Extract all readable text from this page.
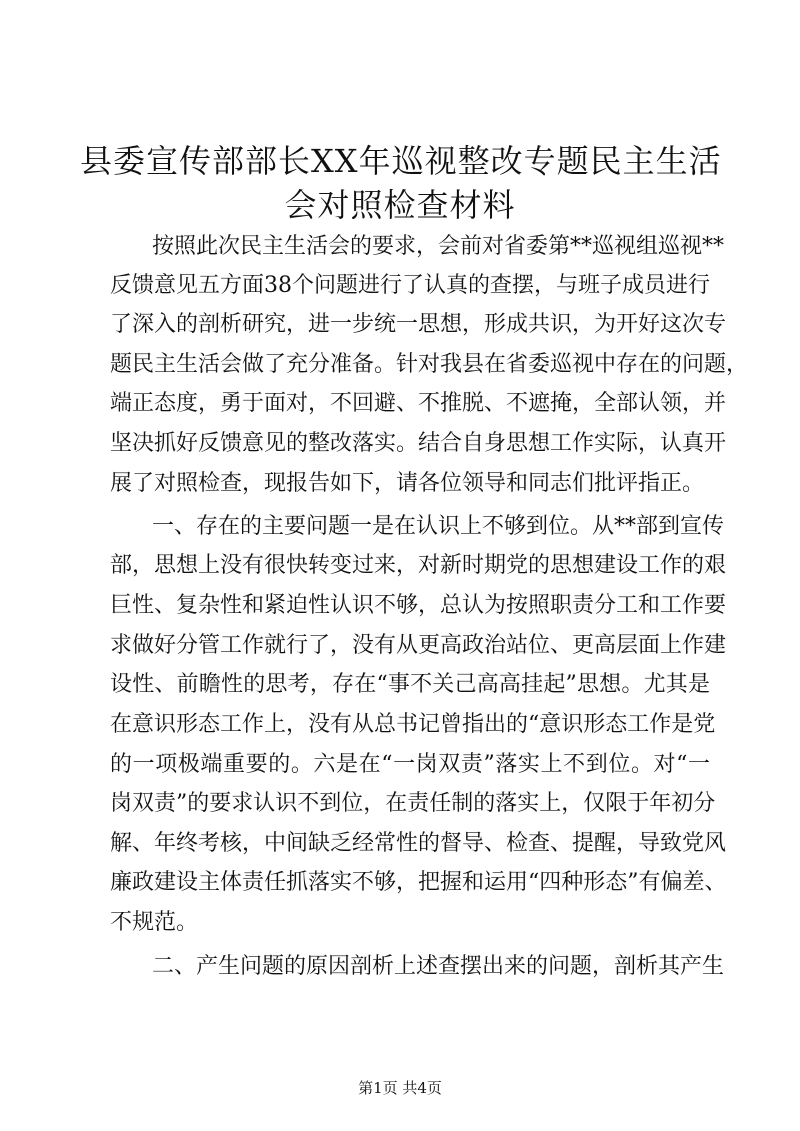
县委宣传部部长XX年巡视整改专题民主生活
会对照检查材料

按照此次民主生活会的要求，会前对省委第**巡视组巡视**

反馈意见五方面38个问题进行了认真的查摆，与班子成员进行

了深入的剖析研究，进一步统一思想，形成共识，为开好这次专

题民主生活会做了充分准备。针对我县在省委巡视中存在的问题，

端正态度，勇于面对，不回避、不推脱、不遮掩，全部认领，并

坚决抓好反馈意见的整改落实。结合自身思想工作实际，认真开

展了对照检查，现报告如下，请各位领导和同志们批评指正。

一、存在的主要问题一是在认识上不够到位。从**部到宣传

部，思想上没有很快转变过来，对新时期党的思想建设工作的艰

巨性、复杂性和紧迫性认识不够，总认为按照职责分工和工作要

求做好分管工作就行了，没有从更高政治站位、更高层面上作建

设性、前瞻性的思考，存在“事不关己高高挂起”思想。尤其是

在意识形态工作上，没有从总书记曾指出的“意识形态工作是党

的一项极端重要的。六是在“一岗双责”落实上不到位。对“一

岗双责”的要求认识不到位，在责任制的落实上，仅限于年初分

解、年终考核，中间缺乏经常性的督导、检查、提醒，导致党风

廉政建设主体责任抓落实不够，把握和运用“四种形态”有偏差、

不规范。

二、产生问题的原因剖析上述查摆出来的问题，剖析其产生

第1页 共4页
